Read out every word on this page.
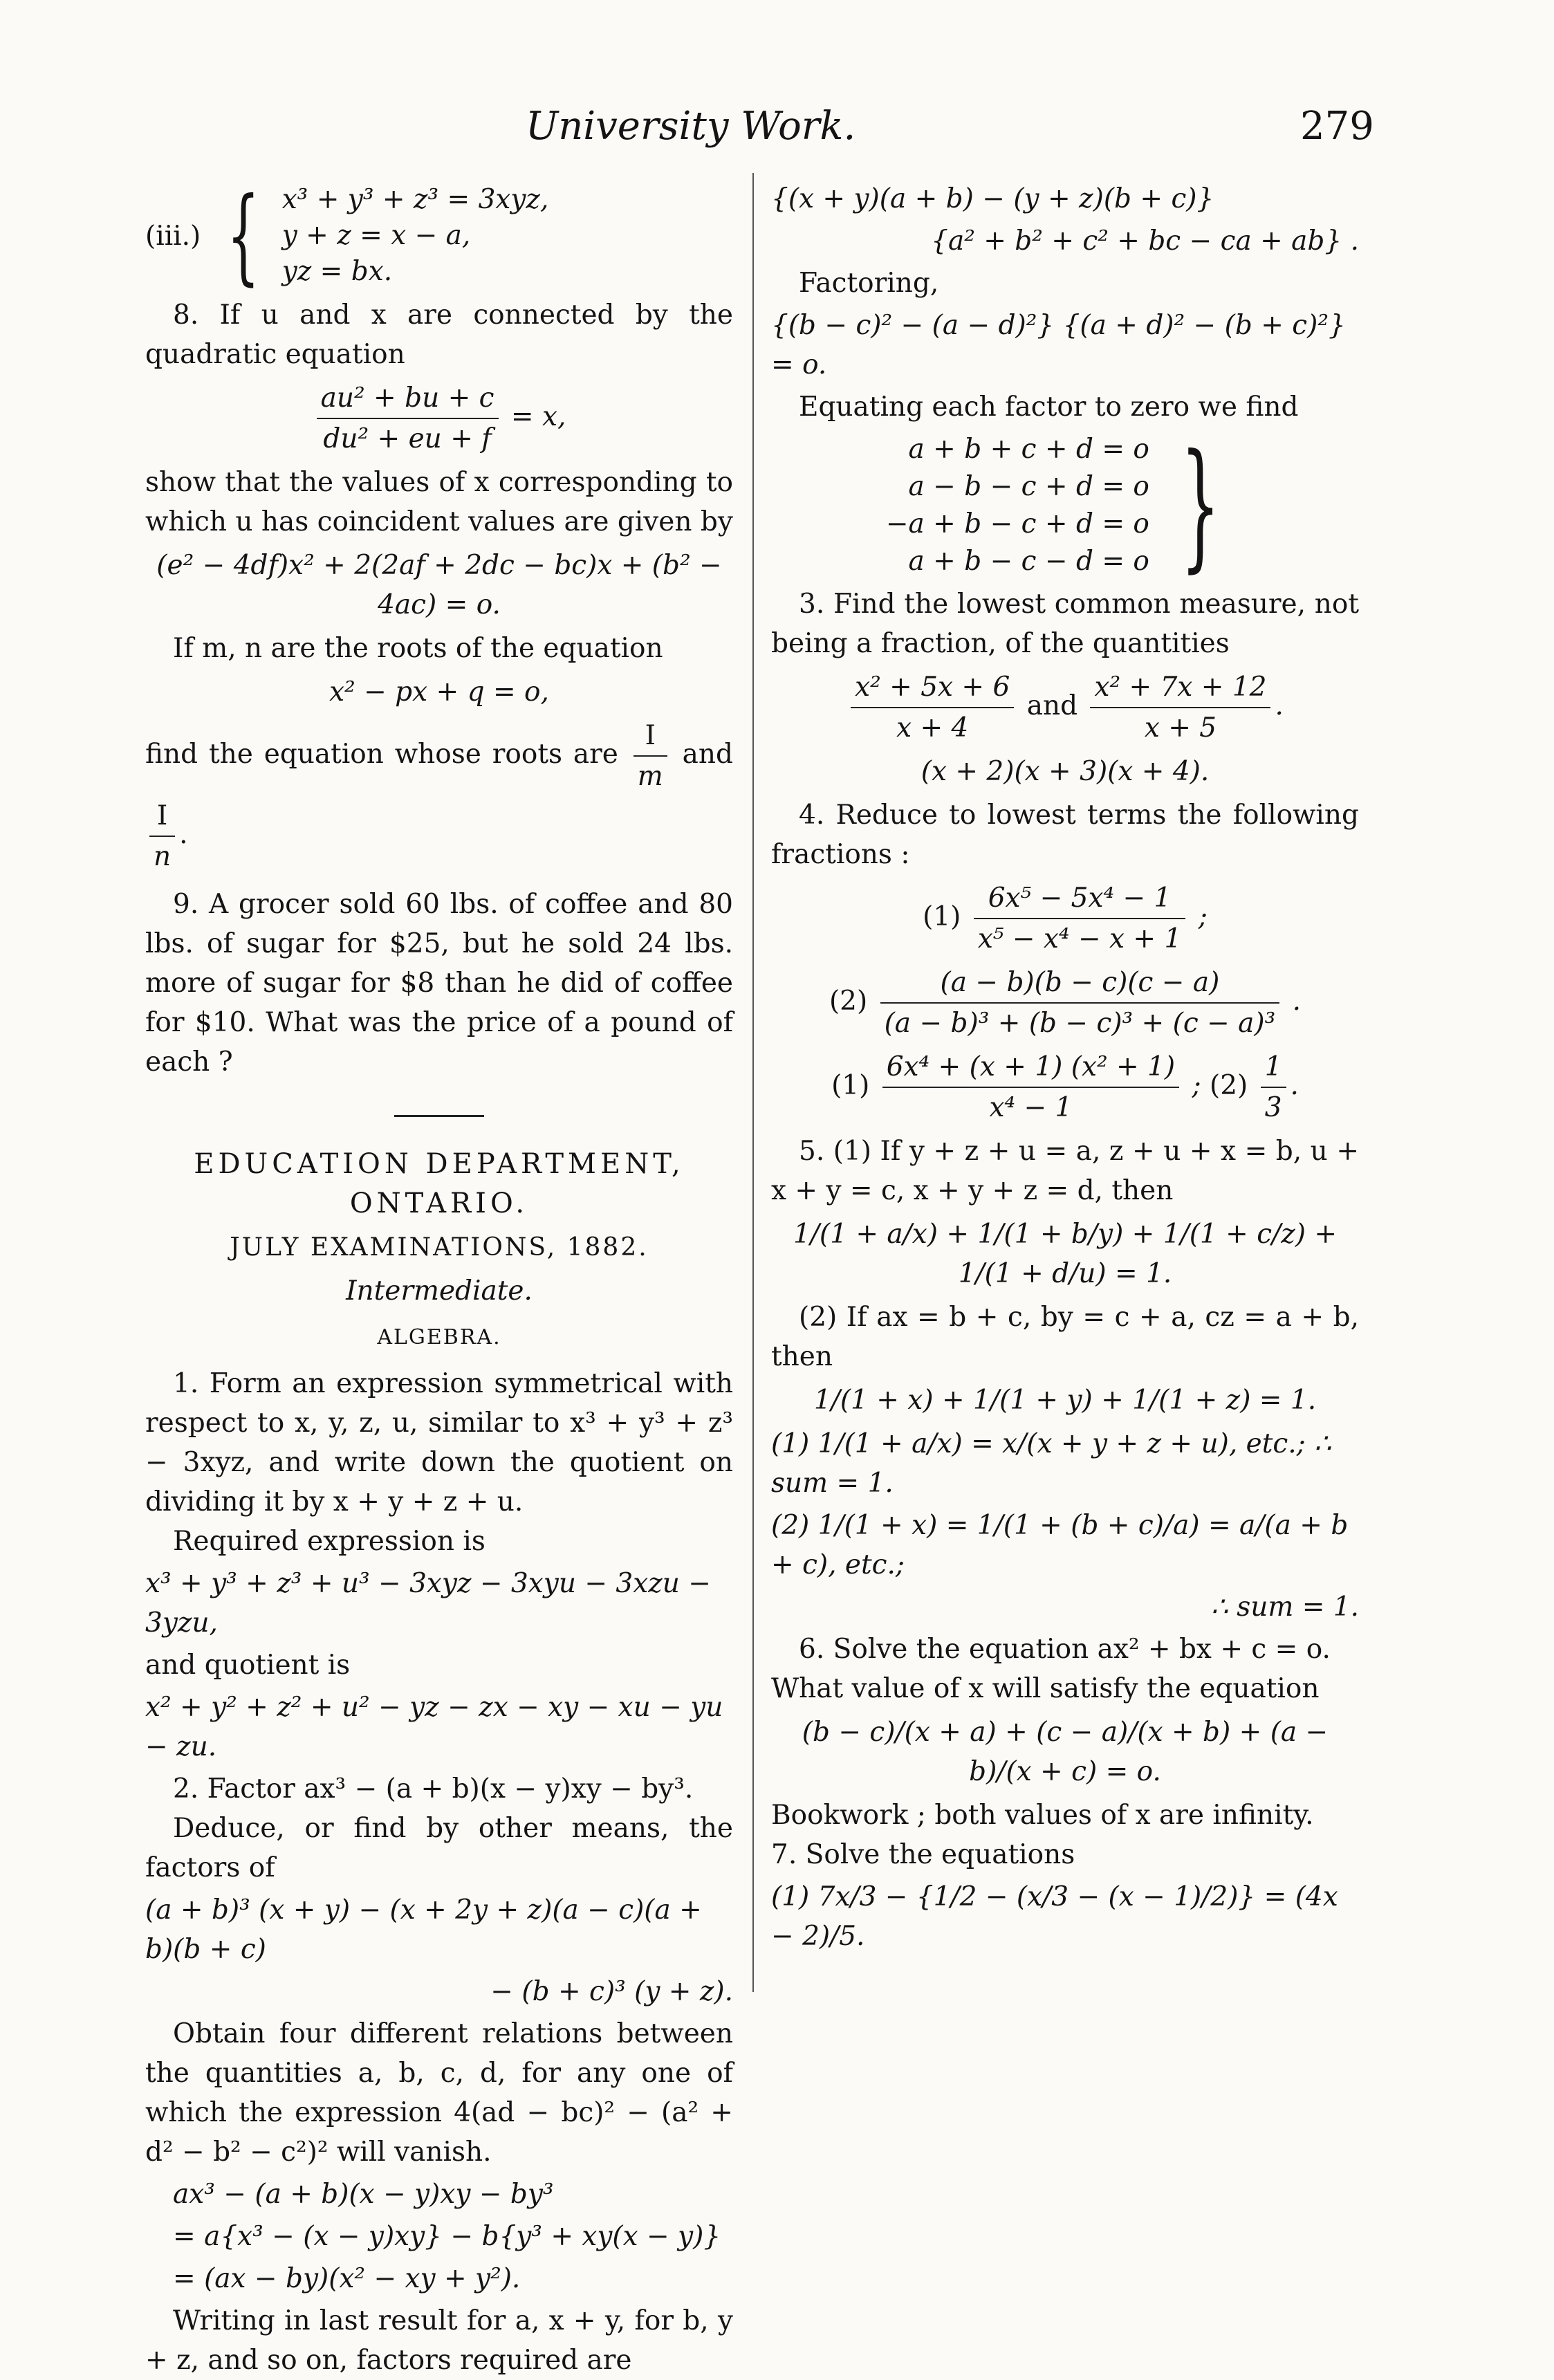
University Work.	279
(iii.) { x³ + y³ + z³ = 3xyz,
y + z = x − a,
yz = bx.

8. If u and x are connected by the quadratic equation

$\frac{\text{au² + bu + c}}{\text{du² + eu + f}} = x$,

show that the values of x corresponding to which u has coincident values are given by

(e² − 4df)x² + 2(2af + 2dc − bc)x + (b² − 4ac) = o.

If m, n are the roots of the equation

x² − px + q = o,

find the equation whose roots are $\frac{I}{m}$ and
$\frac{I}{n}$ .

9. A grocer sold 60 lbs. of coffee and 80 lbs. of sugar for $25, but he sold 24 lbs. more of sugar for $8 than he did of coffee for $10. What was the price of a pound of each ?

EDUCATION DEPARTMENT,

ONTARIO.

JULY EXAMINATIONS, 1882.

Intermediate.

ALGEBRA.

1. Form an expression symmetrical with respect to x, y, z, u, similar to x³ + y³ + z³ − 3xyz, and write down the quotient on dividing it by x + y + z + u.

Required expression is

x³ + y³ + z³ + u³ − 3xyz − 3xyu − 3xzu − 3yzu,

and quotient is

x² + y² + z² + u² − yz − zx − xy − xu − yu − zu.

2. Factor ax³ − (a + b)(x − y)xy − by³.

Deduce, or find by other means, the factors of

(a + b)³ (x + y) − (x + 2y + z)(a − c)(a + b)(b + c)
− (b + c)³ (y + z).

Obtain four different relations between the quantities a, b, c, d, for any one of which the expression 4(ad − bc)² − (a² + d² − b² − c²)² will vanish.

ax³ − (a + b)(x − y)xy − by³
= a{x³ − (x − y)xy} − b{y³ + xy(x − y)}
= (ax − by)(x² − xy + y²).

Writing in last result for a, x + y, for b, y + z, and so on, factors required are

{(x + y)(a + b) − (y + z)(b + c)}
{a² + b² + c² + bc − ca + ab} .

Factoring,

{(b − c)² − (a − d)²} {(a + d)² − (b + c)²} = o.

Equating each factor to zero we find

a + b + c + d = o
a − b − c + d = o
−a + b − c + d = o
a + b − c − d = o }

3. Find the lowest common measure, not being a fraction, of the quantities

$\frac{\text{x² + 5x + 6}}{x + 4}$ and $\frac{\text{x² + 7x + 12}}{x + 5}$ .
(x + 2)(x + 3)(x + 4).

4. Reduce to lowest terms the following fractions :

$(1) \frac{\text{6x⁵ − 5x⁴ − 1}}{\text{x⁵ − x⁴ − x + 1}}$ ;
$(2) \frac{(a - b)(b - c)(c - a)}{\text{(a − b)³ + (b − c)³ + (c − a)³}}$ .
$(1) \frac{\text{6x⁴ + (x + 1) (x² + 1)}}{\text{x⁴ − 1}}$ ; $(2) \frac{1}{3}$ .

5. (1) If y + z + u = a, z + u + x = b, u + x + y = c, x + y + z = d, then

1/(1 + a/x) + 1/(1 + b/y) + 1/(1 + c/z) + 1/(1 + d/u) = 1.

(2) If ax = b + c, by = c + a, cz = a + b, then

1/(1 + x) + 1/(1 + y) + 1/(1 + z) = 1.
(1) 1/(1 + a/x) = x/(x + y + z + u), etc.; ∴ sum = 1.
(2) 1/(1 + x) = 1/(1 + (b + c)/a) = a/(a + b + c), etc.;
∴ sum = 1.

6. Solve the equation ax² + bx + c = o.

What value of x will satisfy the equation

(b − c)/(x + a) + (c − a)/(x + b) + (a − b)/(x + c) = o.

Bookwork ; both values of x are infinity.

7. Solve the equations

(1) 7x/3 − {1/2 − (x/3 − (x − 1)/2)} = (4x − 2)/5.
